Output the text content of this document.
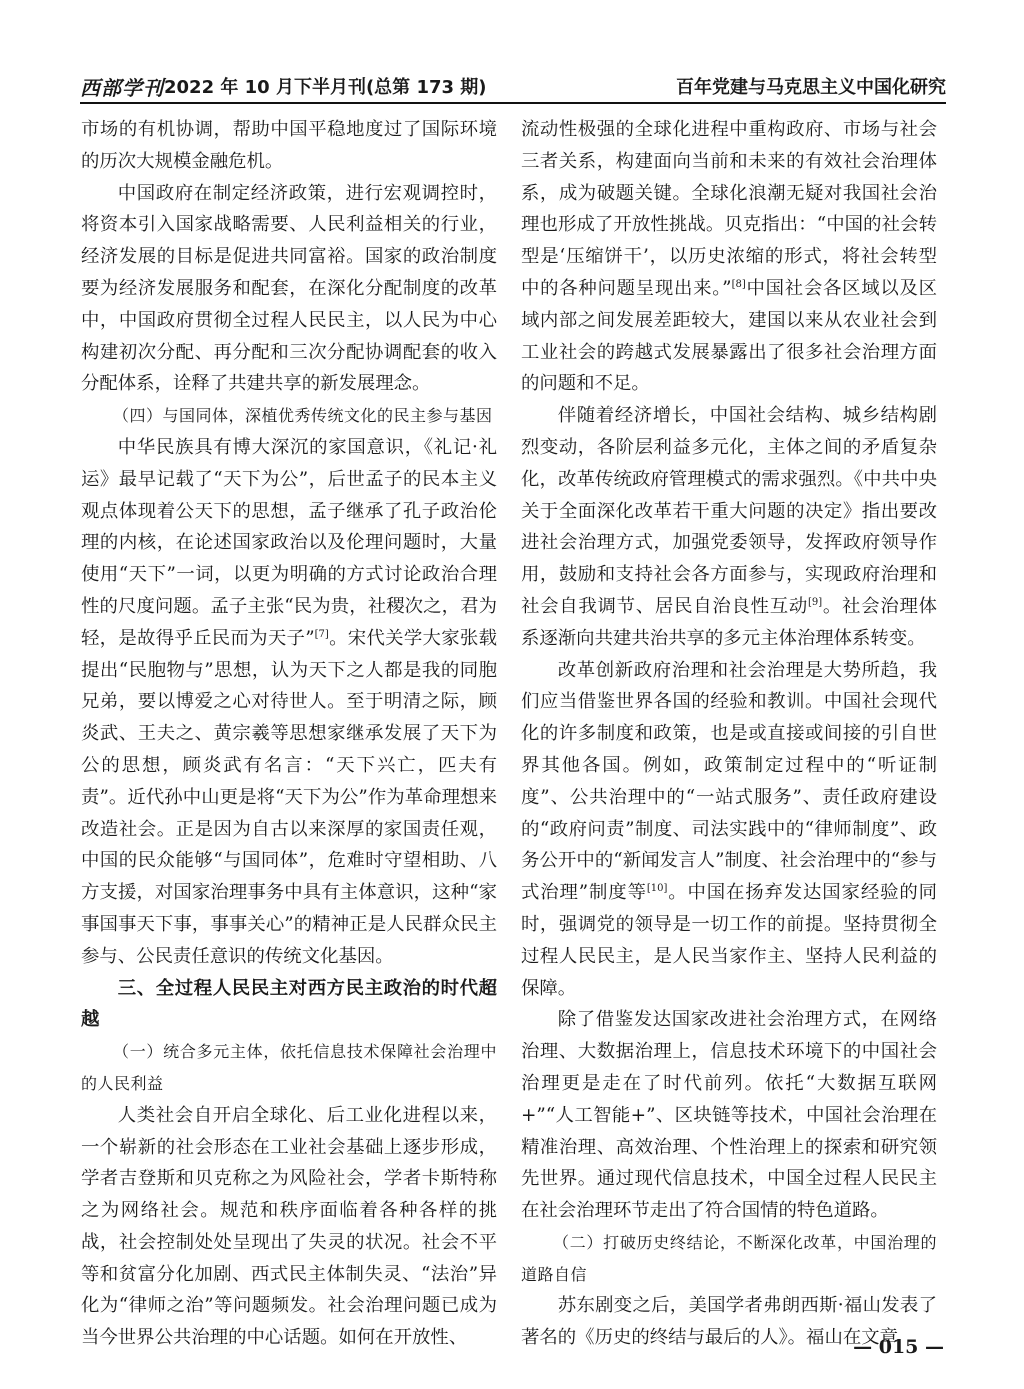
西部学刊 2022 年 10 月下半月刊(总第 173 期)	百年党建与马克思主义中国化研究

市场的有机协调，帮助中国平稳地度过了国际环境的历次大规模金融危机。

中国政府在制定经济政策，进行宏观调控时，将资本引入国家战略需要、人民利益相关的行业，经济发展的目标是促进共同富裕。国家的政治制度要为经济发展服务和配套，在深化分配制度的改革中，中国政府贯彻全过程人民民主，以人民为中心构建初次分配、再分配和三次分配协调配套的收入分配体系，诠释了共建共享的新发展理念。

（四）与国同体，深植优秀传统文化的民主参与基因

中华民族具有博大深沉的家国意识，《礼记·礼运》最早记载了“天下为公”，后世孟子的民本主义观点体现着公天下的思想，孟子继承了孔子政治伦理的内核，在论述国家政治以及伦理问题时，大量使用“天下”一词，以更为明确的方式讨论政治合理性的尺度问题。孟子主张“民为贵，社稷次之，君为轻，是故得乎丘民而为天子”[7]。宋代关学大家张载提出“民胞物与”思想，认为天下之人都是我的同胞兄弟，要以博爱之心对待世人。至于明清之际，顾炎武、王夫之、黄宗羲等思想家继承发展了天下为公的思想，顾炎武有名言：“天下兴亡，匹夫有责”。近代孙中山更是将“天下为公”作为革命理想来改造社会。正是因为自古以来深厚的家国责任观，中国的民众能够“与国同体”，危难时守望相助、八方支援，对国家治理事务中具有主体意识，这种“家事国事天下事，事事关心”的精神正是人民群众民主参与、公民责任意识的传统文化基因。

三、全过程人民民主对西方民主政治的时代超越

（一）统合多元主体，依托信息技术保障社会治理中的人民利益

人类社会自开启全球化、后工业化进程以来，一个崭新的社会形态在工业社会基础上逐步形成，学者吉登斯和贝克称之为风险社会，学者卡斯特称之为网络社会。规范和秩序面临着各种各样的挑战，社会控制处处呈现出了失灵的状况。社会不平等和贫富分化加剧、西式民主体制失灵、“法治”异化为“律师之治”等问题频发。社会治理问题已成为当今世界公共治理的中心话题。如何在开放性、

流动性极强的全球化进程中重构政府、市场与社会三者关系，构建面向当前和未来的有效社会治理体系，成为破题关键。全球化浪潮无疑对我国社会治理也形成了开放性挑战。贝克指出：“中国的社会转型是‘压缩饼干’，以历史浓缩的形式，将社会转型中的各种问题呈现出来。”[8]中国社会各区域以及区域内部之间发展差距较大，建国以来从农业社会到工业社会的跨越式发展暴露出了很多社会治理方面的问题和不足。

伴随着经济增长，中国社会结构、城乡结构剧烈变动，各阶层利益多元化，主体之间的矛盾复杂化，改革传统政府管理模式的需求强烈。《中共中央关于全面深化改革若干重大问题的决定》指出要改进社会治理方式，加强党委领导，发挥政府领导作用，鼓励和支持社会各方面参与，实现政府治理和社会自我调节、居民自治良性互动[9]。社会治理体系逐渐向共建共治共享的多元主体治理体系转变。

改革创新政府治理和社会治理是大势所趋，我们应当借鉴世界各国的经验和教训。中国社会现代化的许多制度和政策，也是或直接或间接的引自世界其他各国。例如，政策制定过程中的“听证制度”、公共治理中的“一站式服务”、责任政府建设的“政府问责”制度、司法实践中的“律师制度”、政务公开中的“新闻发言人”制度、社会治理中的“参与式治理”制度等[10]。中国在扬弃发达国家经验的同时，强调党的领导是一切工作的前提。坚持贯彻全过程人民民主，是人民当家作主、坚持人民利益的保障。

除了借鉴发达国家改进社会治理方式，在网络治理、大数据治理上，信息技术环境下的中国社会治理更是走在了时代前列。依托“大数据互联网+”“人工智能+”、区块链等技术，中国社会治理在精准治理、高效治理、个性治理上的探索和研究领先世界。通过现代信息技术，中国全过程人民民主在社会治理环节走出了符合国情的特色道路。

（二）打破历史终结论，不断深化改革，中国治理的道路自信

苏东剧变之后，美国学者弗朗西斯·福山发表了著名的《历史的终结与最后的人》。福山在文章

— 015 —
